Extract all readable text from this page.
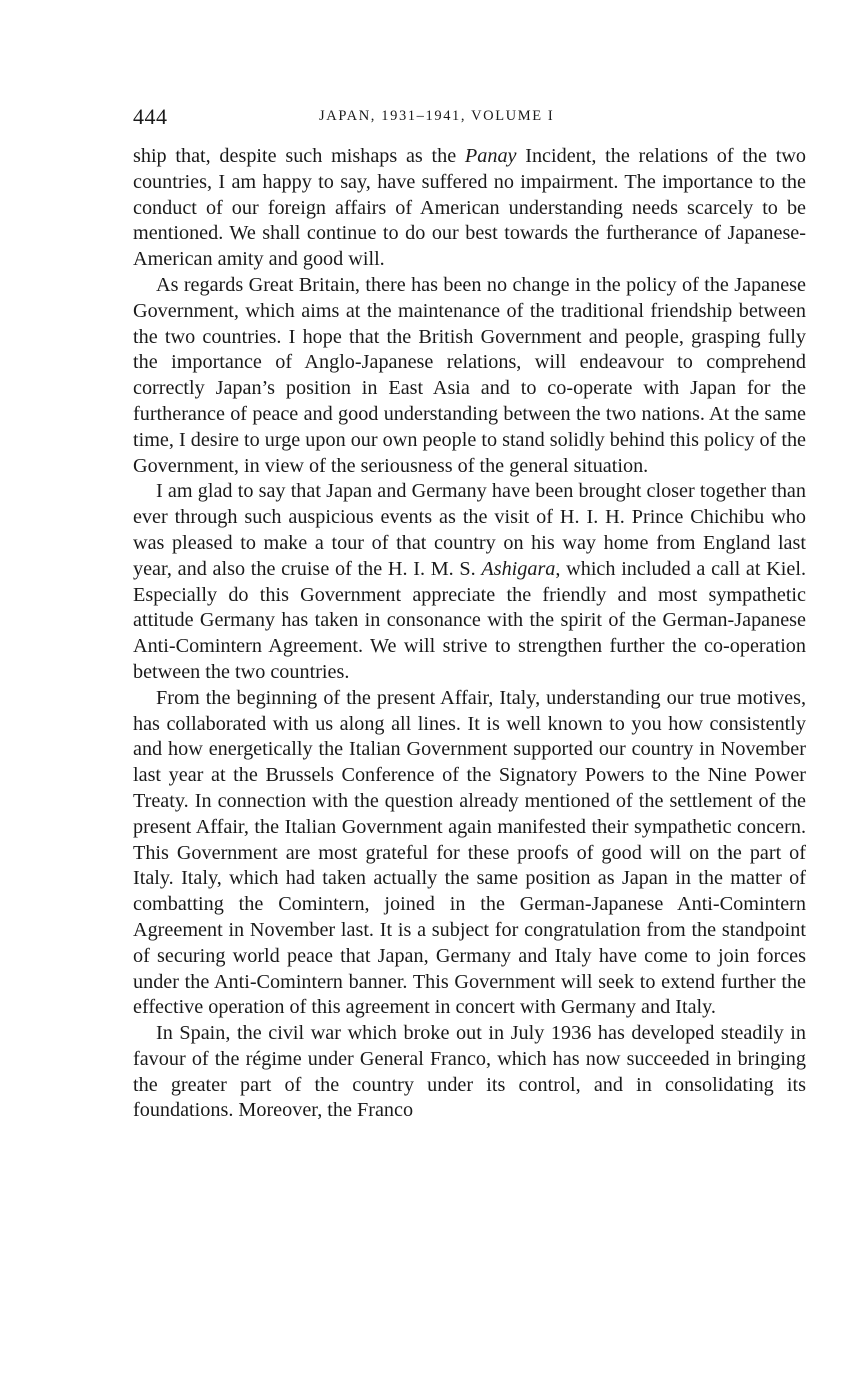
444	JAPAN, 1931–1941, VOLUME I

ship that, despite such mishaps as the Panay Incident, the relations of the two countries, I am happy to say, have suffered no impairment. The importance to the conduct of our foreign affairs of American understanding needs scarcely to be mentioned. We shall continue to do our best towards the furtherance of Japanese-American amity and good will.

As regards Great Britain, there has been no change in the policy of the Japanese Government, which aims at the maintenance of the traditional friendship between the two countries. I hope that the British Government and people, grasping fully the importance of Anglo-Japanese relations, will endeavour to comprehend correctly Japan’s position in East Asia and to co-operate with Japan for the furtherance of peace and good understanding between the two nations. At the same time, I desire to urge upon our own people to stand solidly behind this policy of the Government, in view of the seriousness of the general situation.

I am glad to say that Japan and Germany have been brought closer together than ever through such auspicious events as the visit of H. I. H. Prince Chichibu who was pleased to make a tour of that country on his way home from England last year, and also the cruise of the H. I. M. S. Ashigara, which included a call at Kiel. Especially do this Government appreciate the friendly and most sympathetic attitude Germany has taken in consonance with the spirit of the German-Japanese Anti-Comintern Agreement. We will strive to strengthen further the co-operation between the two countries.

From the beginning of the present Affair, Italy, understanding our true motives, has collaborated with us along all lines. It is well known to you how consistently and how energetically the Italian Government supported our country in November last year at the Brussels Conference of the Signatory Powers to the Nine Power Treaty. In connection with the question already mentioned of the settlement of the present Affair, the Italian Government again manifested their sympathetic concern. This Government are most grateful for these proofs of good will on the part of Italy. Italy, which had taken actually the same position as Japan in the matter of combatting the Comintern, joined in the German-Japanese Anti-Comintern Agreement in November last. It is a subject for congratulation from the standpoint of securing world peace that Japan, Germany and Italy have come to join forces under the Anti-Comintern banner. This Government will seek to extend further the effective operation of this agreement in concert with Germany and Italy.

In Spain, the civil war which broke out in July 1936 has developed steadily in favour of the régime under General Franco, which has now succeeded in bringing the greater part of the country under its control, and in consolidating its foundations. Moreover, the Franco
